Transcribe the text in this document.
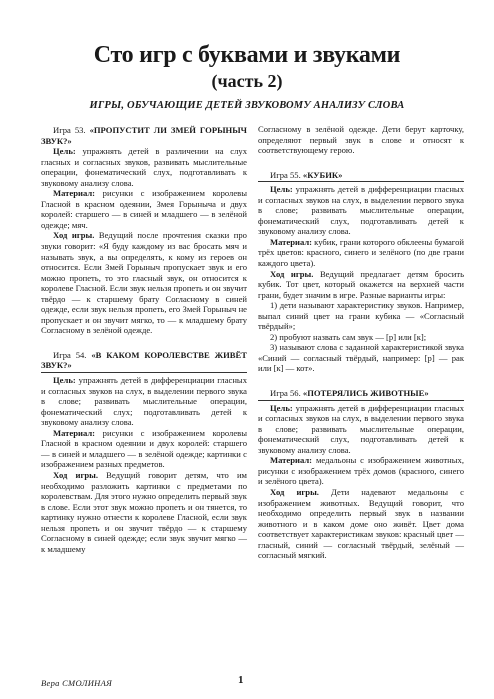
Сто игр с буквами и звуками
(часть 2)
ИГРЫ, ОБУЧАЮЩИЕ ДЕТЕЙ ЗВУКОВОМУ АНАЛИЗУ СЛОВА

Игра 53. «ПРОПУСТИТ ЛИ ЗМЕЙ ГОРЫНЫЧ ЗВУК?»

Цель: упражнять детей в различении на слух гласных и согласных звуков, развивать мыслительные операции, фонематический слух, подготавливать к звуковому анализу слова.

Материал: рисунки с изображением королевы Гласной в красном одеянии, Змея Горыныча и двух королей: старшего — в синей и младшего — в зелёной одежде; мяч.

Ход игры. Ведущий после прочтения сказки про звуки говорит: «Я буду каждому из вас бросать мяч и называть звук, а вы определять, к кому из героев он относится. Если Змей Горыныч пропускает звук и его можно пропеть, то это гласный звук, он относится к королеве Гласной. Если звук нельзя пропеть и он звучит твёрдо — к старшему брату Согласному в синей одежде, если звук нельзя пропеть, его Змей Горыныч не пропускает и он звучит мягко, то — к младшему брату Согласному в зелёной одежде.

Игра 54. «В КАКОМ КОРОЛЕВСТВЕ ЖИВЁТ ЗВУК?»

Цель: упражнять детей в дифференциации гласных и согласных звуков на слух, в выделении первого звука в слове; развивать мыслительные операции, фонематический слух; подготавливать детей к звуковому анализу слова.

Материал: рисунки с изображением королевы Гласной в красном одеянии и двух королей: старшего — в синей и младшего — в зелёной одежде; картинки с изображением разных предметов.

Ход игры. Ведущий говорит детям, что им необходимо разложить картинки с предметами по королевствам. Для этого нужно определить первый звук в слове. Если этот звук можно пропеть и он тянется, то картинку нужно отнести к королеве Гласной, если звук нельзя пропеть и он звучит твёрдо — к старшему Согласному в синей одежде; если звук звучит мягко — к младшему

Согласному в зелёной одежде. Дети берут карточку, определяют первый звук в слове и относят к соответствующему герою.

Игра 55. «КУБИК»

Цель: упражнять детей в дифференциации гласных и согласных звуков на слух, в выделении первого звука в слове; развивать мыслительные операции, фонематический слух, подготавливать детей к звуковому анализу слова.

Материал: кубик, грани которого обклеены бумагой трёх цветов: красного, синего и зелёного (по две грани каждого цвета).

Ход игры. Ведущий предлагает детям бросить кубик. Тот цвет, который окажется на верхней части грани, будет значим в игре. Разные варианты игры:

1) дети называют характеристику звуков. Например, выпал синий цвет на грани кубика — «Согласный твёрдый»;

2) пробуют назвать сам звук — [р] или [к];

3) называют слова с заданной характеристикой звука «Синий — согласный твёрдый, например: [р] — рак или [к] — кот».

Игра 56. «ПОТЕРЯЛИСЬ ЖИВОТНЫЕ»

Цель: упражнять детей в дифференциации гласных и согласных звуков на слух, в выделении первого звука в слове; развивать мыслительные операции, фонематический слух, подготавливать детей к звуковому анализу слова.

Материал: медальоны с изображением животных, рисунки с изображением трёх домов (красного, синего и зелёного цвета).

Ход игры. Дети надевают медальоны с изображением животных. Ведущий говорит, что необходимо определить первый звук в названии животного и в каком доме оно живёт. Цвет дома соответствует характеристикам звуков: красный цвет — гласный, синий — согласный твёрдый, зелёный — согласный мягкий.

Вера СМОЛИНАЯ	1
